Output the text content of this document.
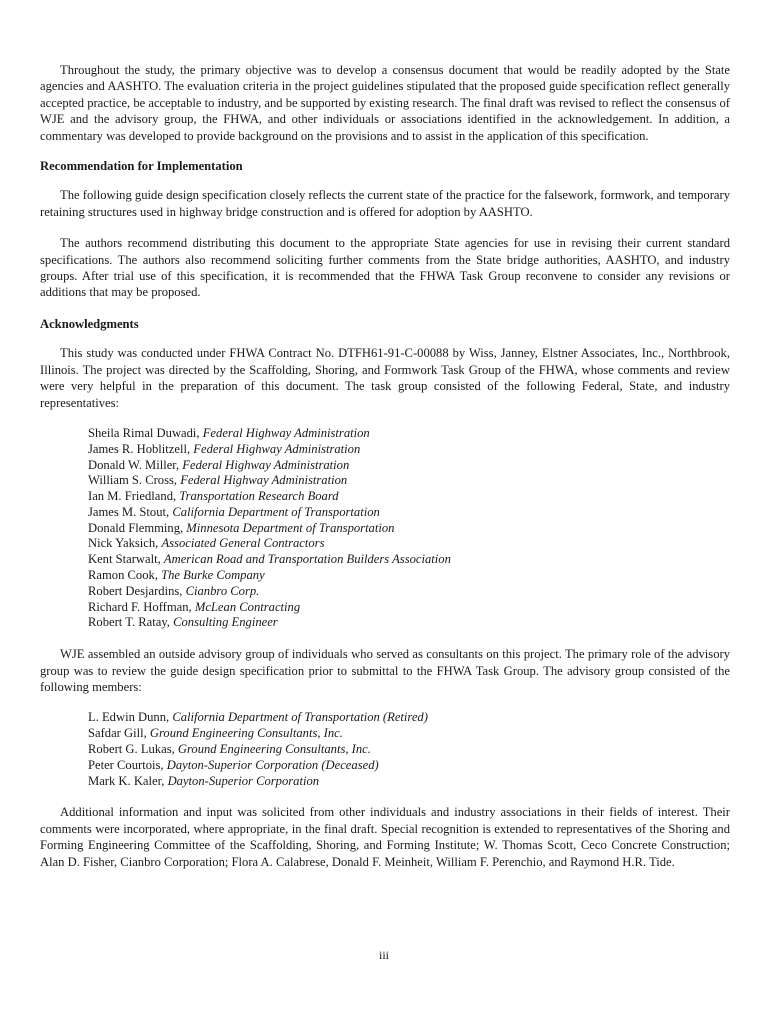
Throughout the study, the primary objective was to develop a consensus document that would be readily adopted by the State agencies and AASHTO. The evaluation criteria in the project guidelines stipulated that the proposed guide specification reflect generally accepted practice, be acceptable to industry, and be supported by existing research. The final draft was revised to reflect the consensus of WJE and the advisory group, the FHWA, and other individuals or associations identified in the acknowledgement. In addition, a commentary was developed to provide background on the provisions and to assist in the application of this specification.

Recommendation for Implementation

The following guide design specification closely reflects the current state of the practice for the falsework, formwork, and temporary retaining structures used in highway bridge construction and is offered for adoption by AASHTO.

The authors recommend distributing this document to the appropriate State agencies for use in revising their current standard specifications. The authors also recommend soliciting further comments from the State bridge authorities, AASHTO, and industry groups. After trial use of this specification, it is recommended that the FHWA Task Group reconvene to consider any revisions or additions that may be proposed.

Acknowledgments

This study was conducted under FHWA Contract No. DTFH61-91-C-00088 by Wiss, Janney, Elstner Associates, Inc., Northbrook, Illinois. The project was directed by the Scaffolding, Shoring, and Formwork Task Group of the FHWA, whose comments and review were very helpful in the preparation of this document. The task group consisted of the following Federal, State, and industry representatives:

Sheila Rimal Duwadi, Federal Highway Administration
James R. Hoblitzell, Federal Highway Administration
Donald W. Miller, Federal Highway Administration
William S. Cross, Federal Highway Administration
Ian M. Friedland, Transportation Research Board
James M. Stout, California Department of Transportation
Donald Flemming, Minnesota Department of Transportation
Nick Yaksich, Associated General Contractors
Kent Starwalt, American Road and Transportation Builders Association
Ramon Cook, The Burke Company
Robert Desjardins, Cianbro Corp.
Richard F. Hoffman, McLean Contracting
Robert T. Ratay, Consulting Engineer

WJE assembled an outside advisory group of individuals who served as consultants on this project. The primary role of the advisory group was to review the guide design specification prior to submittal to the FHWA Task Group. The advisory group consisted of the following members:

L. Edwin Dunn, California Department of Transportation (Retired)
Safdar Gill, Ground Engineering Consultants, Inc.
Robert G. Lukas, Ground Engineering Consultants, Inc.
Peter Courtois, Dayton-Superior Corporation (Deceased)
Mark K. Kaler, Dayton-Superior Corporation

Additional information and input was solicited from other individuals and industry associations in their fields of interest. Their comments were incorporated, where appropriate, in the final draft. Special recognition is extended to representatives of the Shoring and Forming Engineering Committee of the Scaffolding, Shoring, and Forming Institute; W. Thomas Scott, Ceco Concrete Construction; Alan D. Fisher, Cianbro Corporation; Flora A. Calabrese, Donald F. Meinheit, William F. Perenchio, and Raymond H.R. Tide.

iii
